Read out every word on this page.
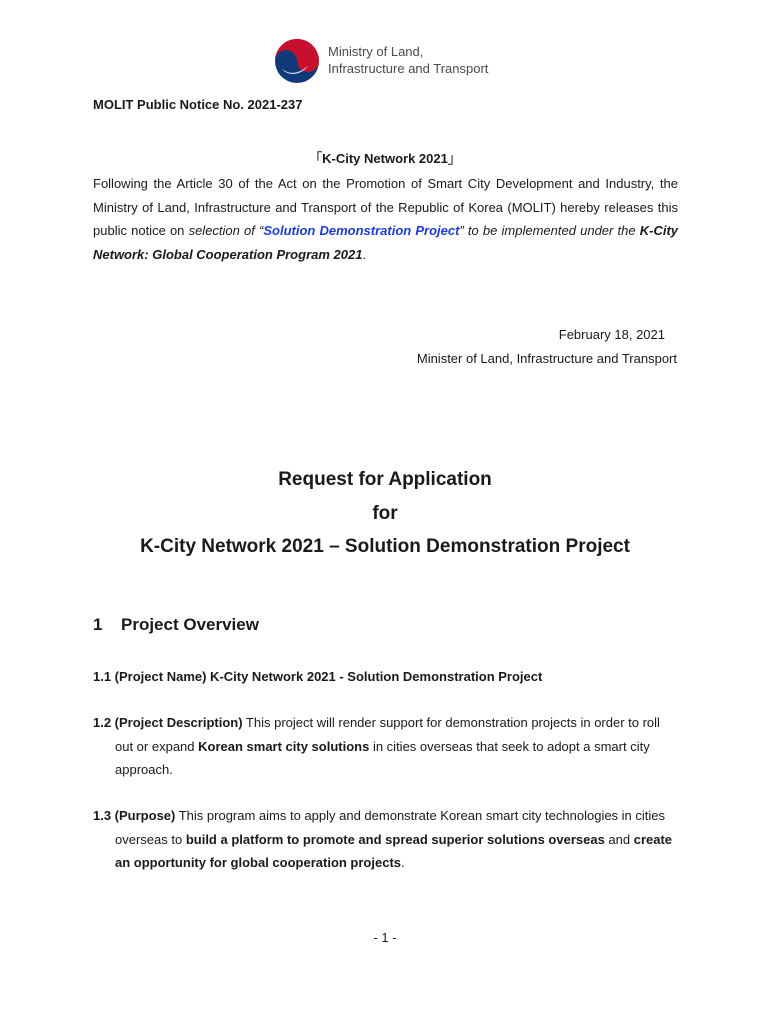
Ministry of Land,
Infrastructure and Transport
MOLIT Public Notice No. 2021-237
「K-City Network 2021」
Following the Article 30 of the Act on the Promotion of Smart City Development and Industry, the Ministry of Land, Infrastructure and Transport of the Republic of Korea (MOLIT) hereby releases this public notice on selection of “Solution Demonstration Project” to be implemented under the K-City Network: Global Cooperation Program 2021.
February 18, 2021
Minister of Land, Infrastructure and Transport
Request for Application
for
K-City Network 2021 – Solution Demonstration Project
1 Project Overview
1.1 (Project Name) K-City Network 2021 - Solution Demonstration Project
1.2 (Project Description) This project will render support for demonstration projects in order to roll out or expand Korean smart city solutions in cities overseas that seek to adopt a smart city approach.
1.3 (Purpose) This program aims to apply and demonstrate Korean smart city technologies in cities overseas to build a platform to promote and spread superior solutions overseas and create an opportunity for global cooperation projects.
- 1 -
